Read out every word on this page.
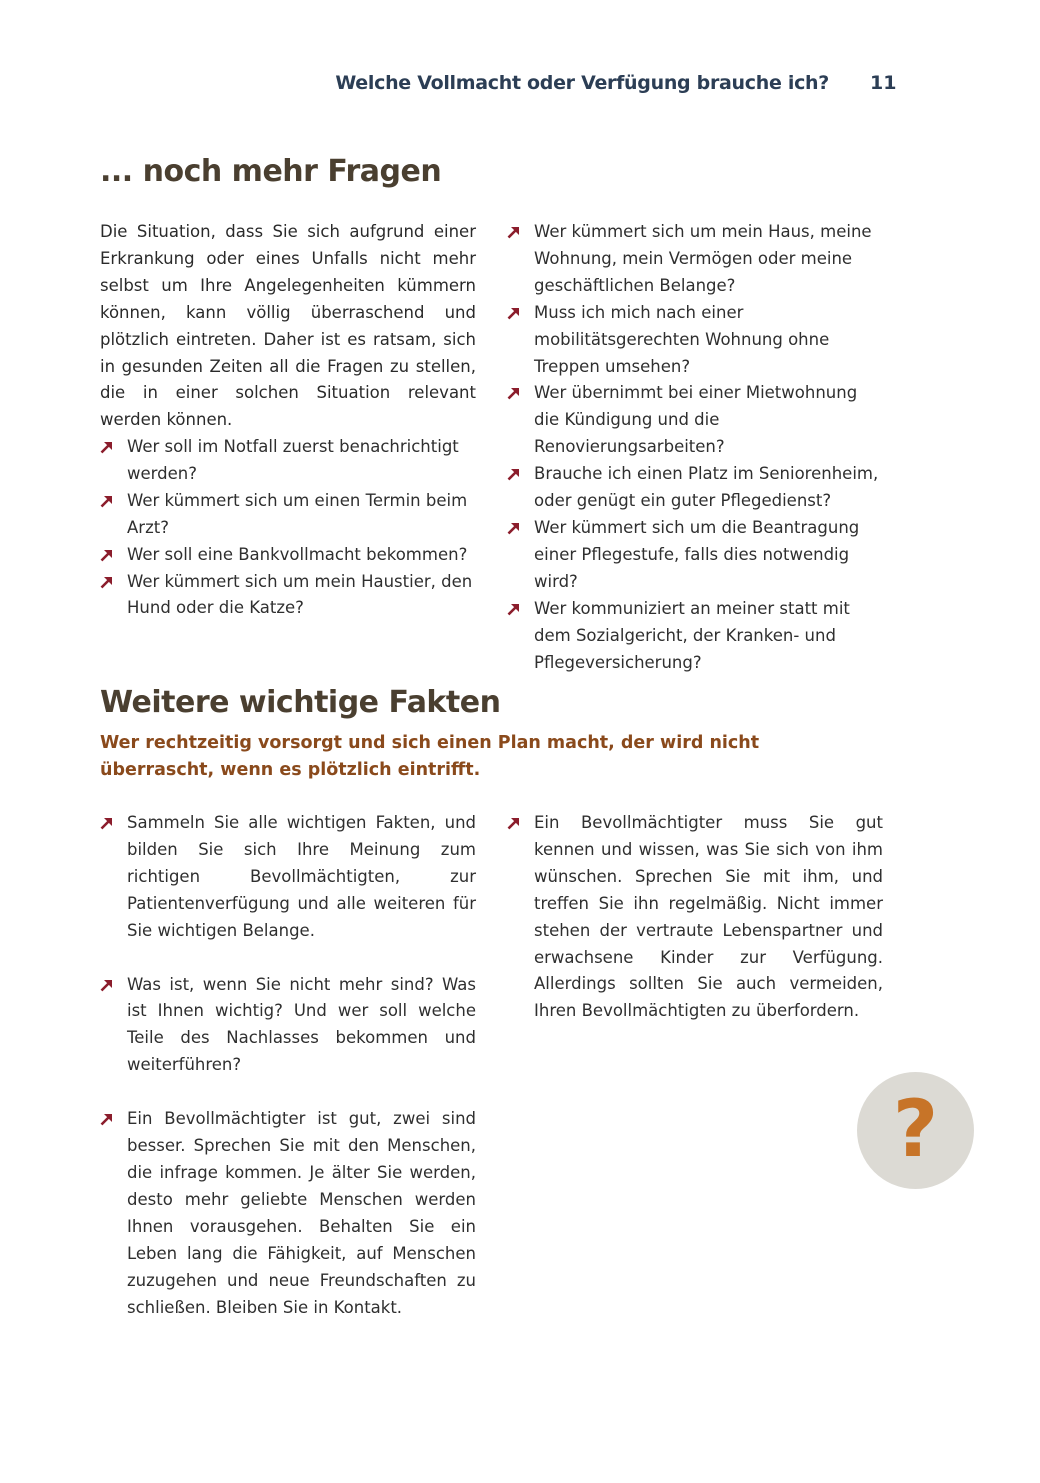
Welche Vollmacht oder Verfügung brauche ich? 11
... noch mehr Fragen

Die Situation, dass Sie sich aufgrund einer Erkrankung oder eines Unfalls nicht mehr selbst um Ihre Angelegenheiten kümmern können, kann völlig überraschend und plötzlich eintreten. Daher ist es ratsam, sich in gesunden Zeiten all die Fragen zu stellen, die in einer solchen Situation relevant werden können.

Wer soll im Notfall zuerst benachrichtigt werden?
Wer kümmert sich um einen Termin beim Arzt?
Wer soll eine Bankvollmacht bekommen?
Wer kümmert sich um mein Haustier, den Hund oder die Katze?
Wer kümmert sich um mein Haus, meine Wohnung, mein Vermögen oder meine geschäftlichen Belange?
Muss ich mich nach einer mobilitätsgerechten Wohnung ohne Treppen umsehen?
Wer übernimmt bei einer Mietwohnung die Kündigung und die Renovierungsarbeiten?
Brauche ich einen Platz im Seniorenheim, oder genügt ein guter Pflegedienst?
Wer kümmert sich um die Beantragung einer Pflegestufe, falls dies notwendig wird?
Wer kommuniziert an meiner statt mit dem Sozialgericht, der Kranken- und Pflegeversicherung?
Weitere wichtige Fakten

Wer rechtzeitig vorsorgt und sich einen Plan macht, der wird nicht überrascht, wenn es plötzlich eintrifft.

Sammeln Sie alle wichtigen Fakten, und bilden Sie sich Ihre Meinung zum richtigen Bevollmächtigten, zur Patientenverfügung und alle weiteren für Sie wichtigen Belange.
Was ist, wenn Sie nicht mehr sind? Was ist Ihnen wichtig? Und wer soll welche Teile des Nachlasses bekommen und weiterführen?
Ein Bevollmächtigter ist gut, zwei sind besser. Sprechen Sie mit den Menschen, die infrage kommen. Je älter Sie werden, desto mehr geliebte Menschen werden Ihnen vorausgehen. Behalten Sie ein Leben lang die Fähigkeit, auf Menschen zuzugehen und neue Freundschaften zu schließen. Bleiben Sie in Kontakt.
Ein Bevollmächtigter muss Sie gut kennen und wissen, was Sie sich von ihm wünschen. Sprechen Sie mit ihm, und treffen Sie ihn regelmäßig. Nicht immer stehen der vertraute Lebenspartner und erwachsene Kinder zur Verfügung. Allerdings sollten Sie auch vermeiden, Ihren Bevollmächtigten zu überfordern.
?
